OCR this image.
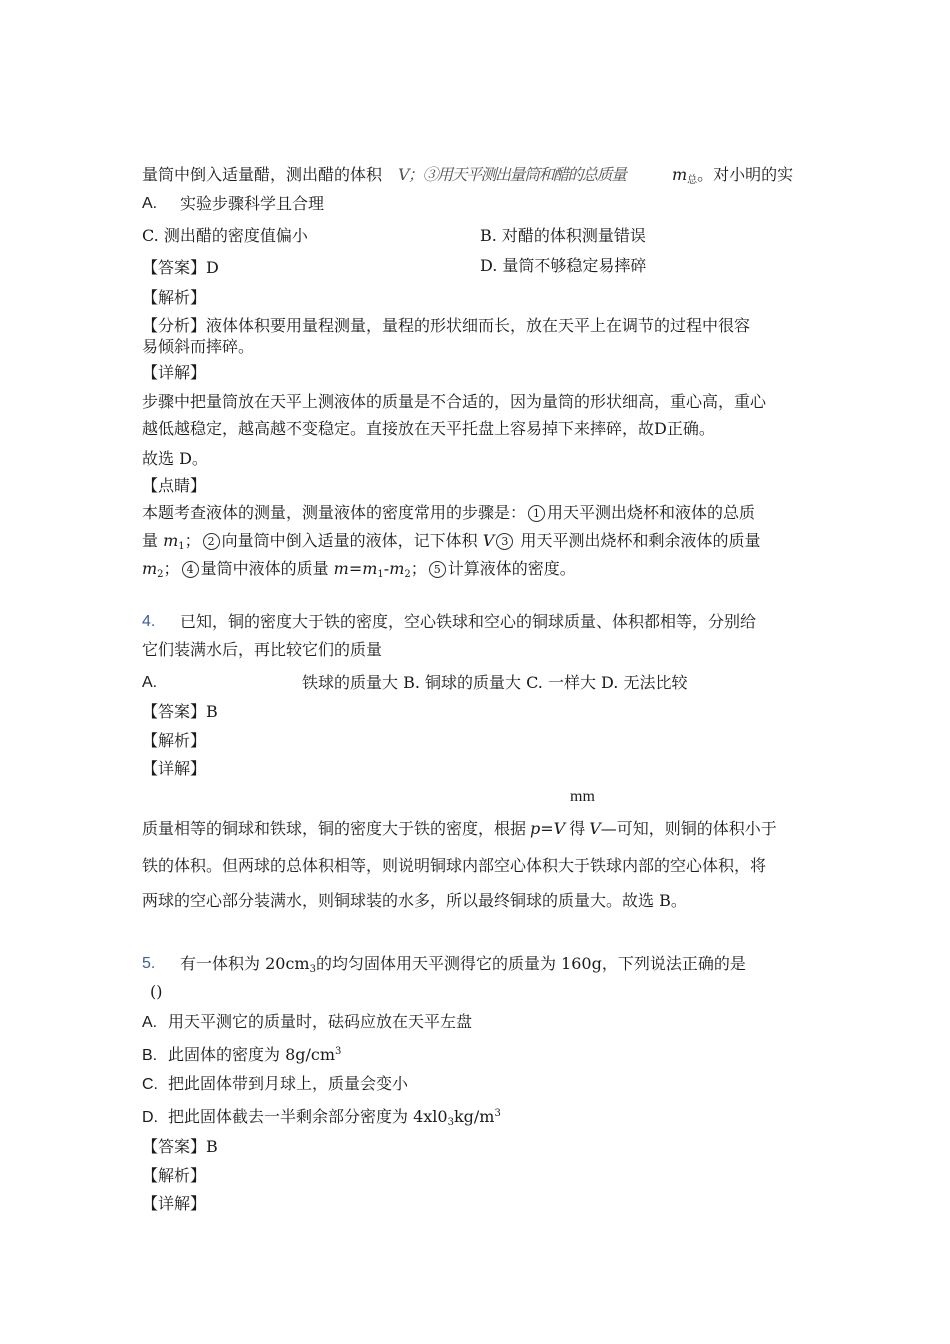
量筒中倒入适量醋，测出醋的体积 V；③用天平测出量筒和醋的总质量	$m_总$。对小明的实
A. 实验步骤科学且合理
C. 测出醋的密度值偏小	B. 对醋的体积测量错误
【答案】D	D. 量筒不够稳定易摔碎
【解析】
【分析】液体体积要用量程测量，量程的形状细而长，放在天平上在调节的过程中很容
易倾斜而摔碎。
【详解】
步骤中把量筒放在天平上测液体的质量是不合适的，因为量筒的形状细高，重心高，重心
越低越稳定，越高越不变稳定。直接放在天平托盘上容易掉下来摔碎，故D正确。
故选 D。
【点睛】
本题考查液体的测量，测量液体的密度常用的步骤是： 1 用天平测出烧杯和液体的总质
量 $m_1$； 2 向量筒中倒入适量的液体，记下体积 V 3 用天平测出烧杯和剩余液体的质量
$m_2$； 4 量筒中液体的质量 $m=m_1-m_2$； 5 计算液体的密度。
4. 已知，铜的密度大于铁的密度，空心铁球和空心的铜球质量、体积都相等，分别给
它们装满水后，再比较它们的质量
A.	铁球的质量大 B. 铜球的质量大 C. 一样大 D. 无法比较
【答案】B
【解析】
【详解】
mm
质量相等的铜球和铁球，铜的密度大于铁的密度，根据 p=V 得 V—可知，则铜的体积小于
铁的体积。但两球的总体积相等，则说明铜球内部空心体积大于铁球内部的空心体积，将
两球的空心部分装满水，则铜球装的水多，所以最终铜球的质量大。故选 B。
5. 有一体积为 $20cm_3$的均匀固体用天平测得它的质量为 160g，下列说法正确的是
()
A. 用天平测它的质量时，砝码应放在天平左盘
B. 此固体的密度为 $8g/cm^3$
C. 把此固体带到月球上，质量会变小
D. 把此固体截去一半剩余部分密度为 $4xl0_3kg/m^3$
【答案】B
【解析】
【详解】
